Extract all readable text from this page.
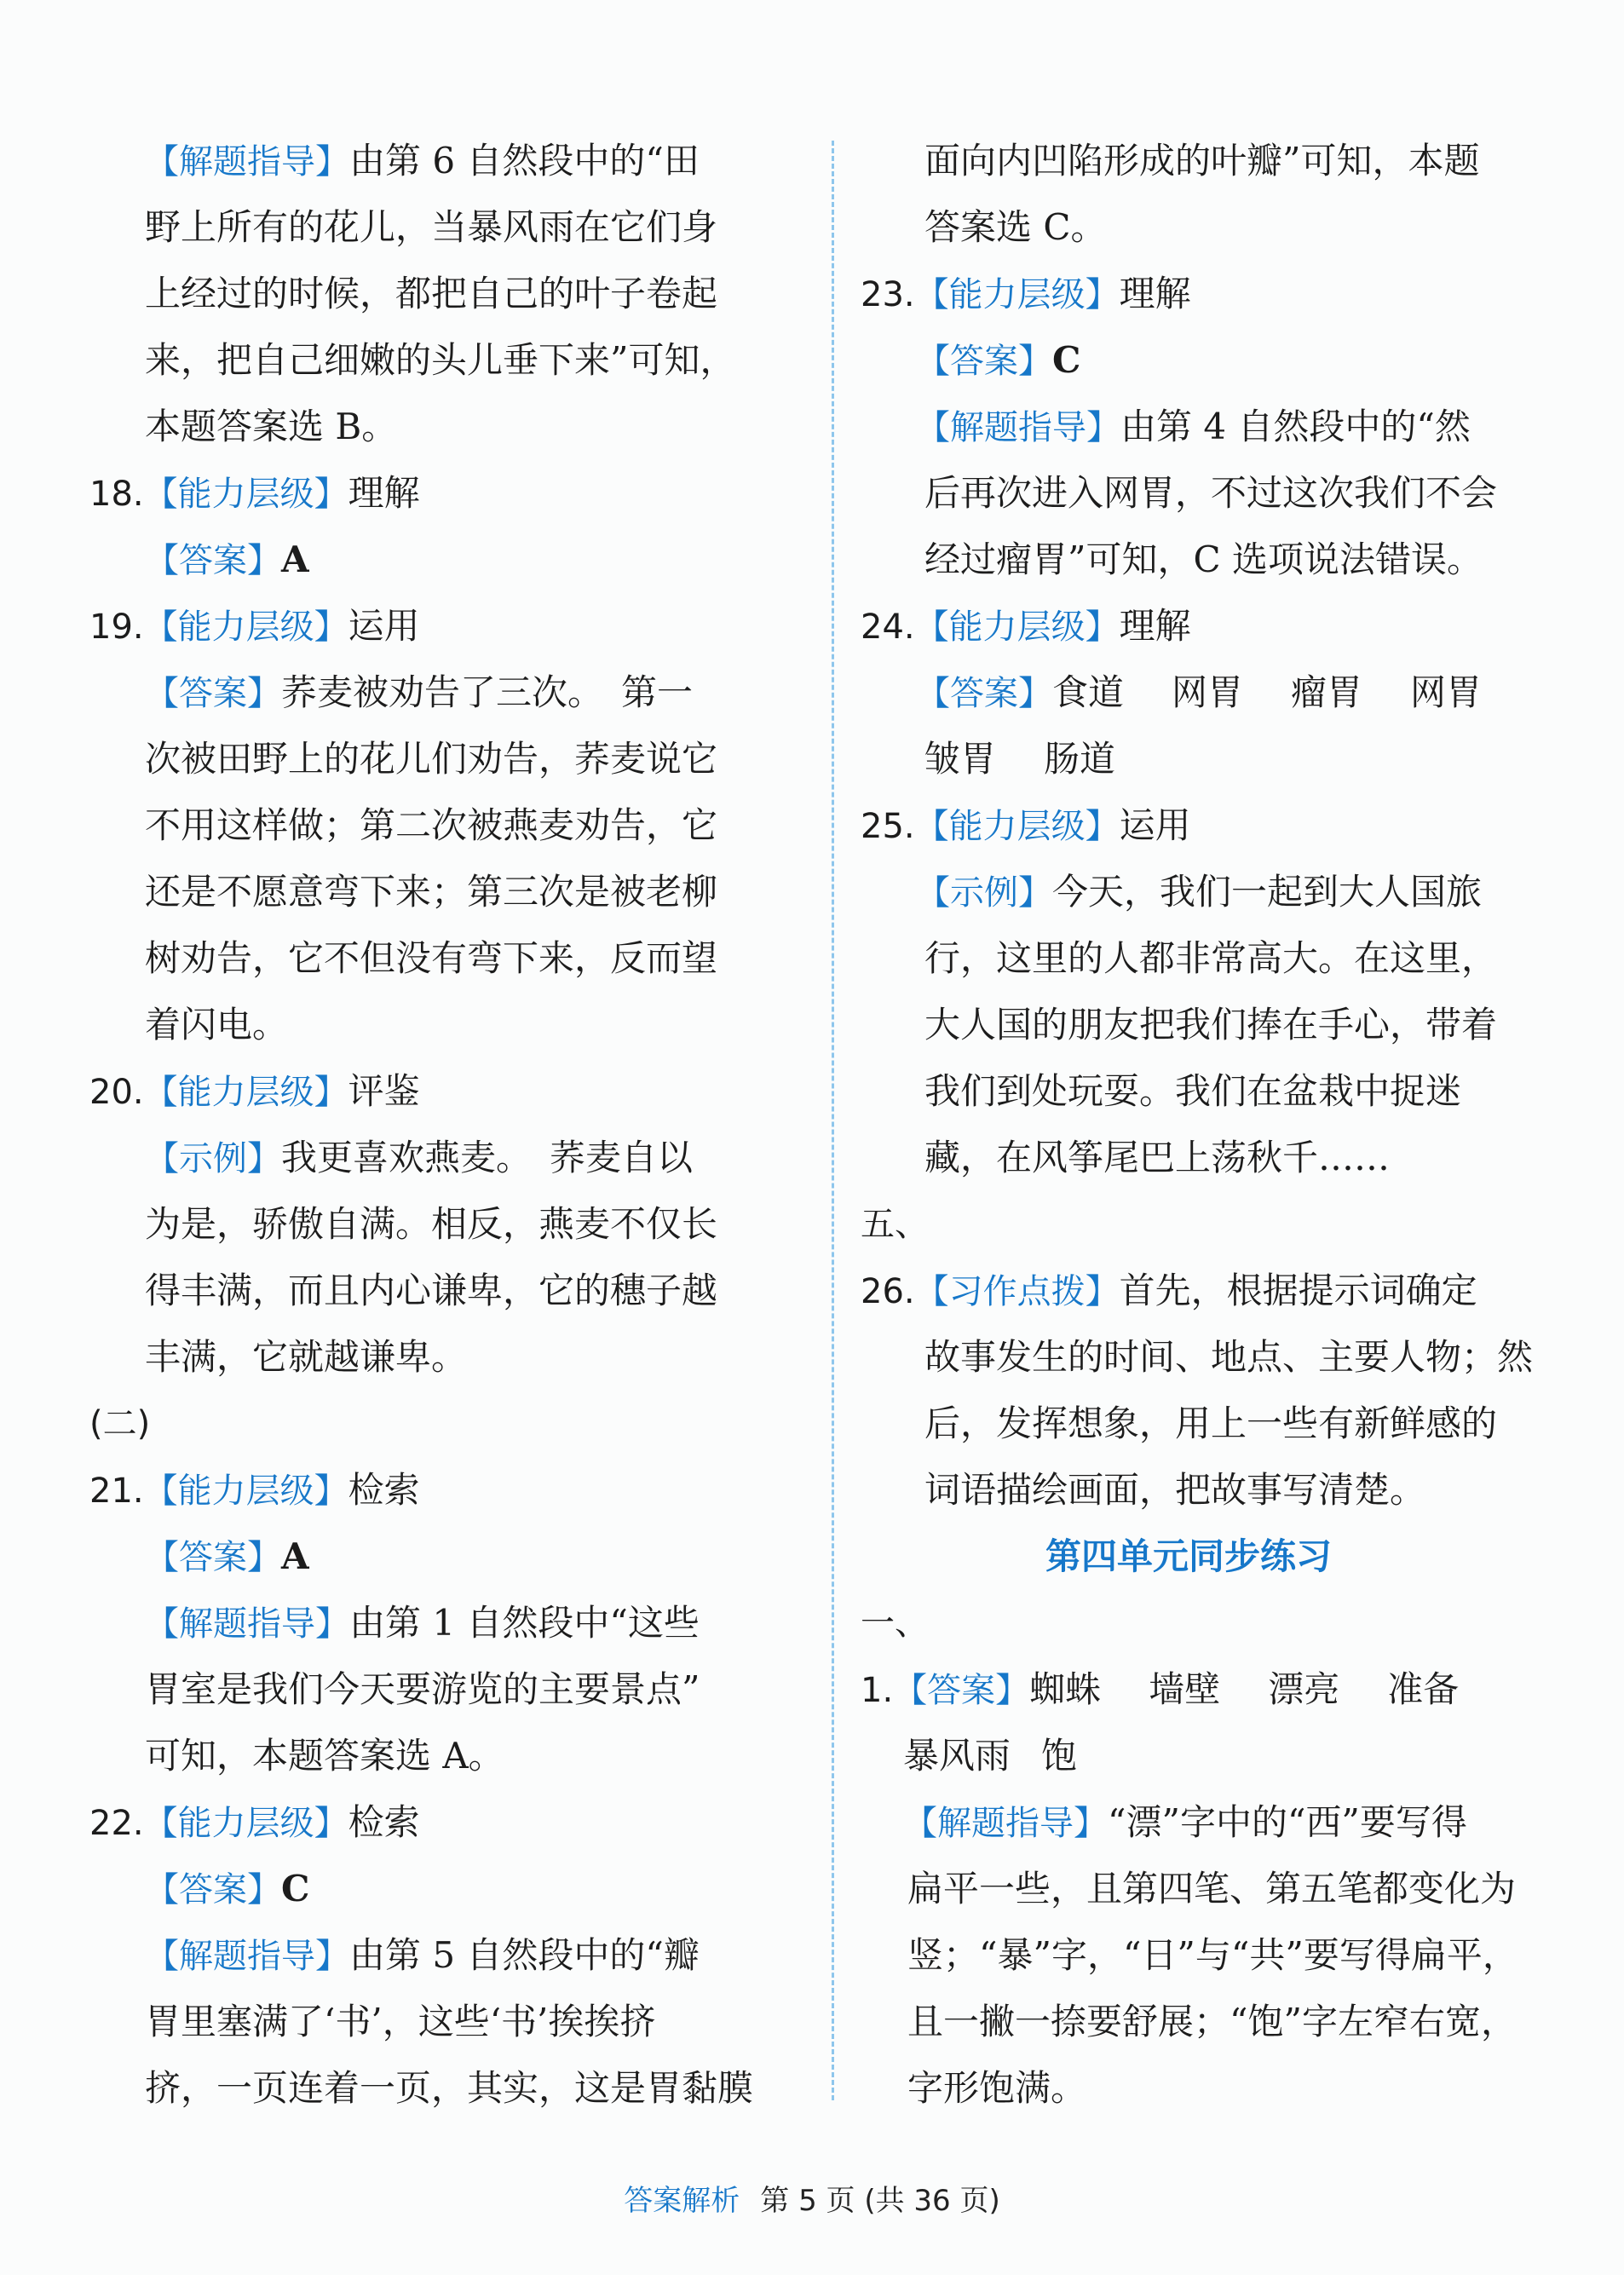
【解题指导】由第 6 自然段中的“田
野上所有的花儿，当暴风雨在它们身
上经过的时候，都把自己的叶子卷起
来，把自己细嫩的头儿垂下来”可知，
本题答案选 B。
18.【能力层级】理解
【答案】A
19.【能力层级】运用
【答案】荞麦被劝告了三次。　第一
次被田野上的花儿们劝告，荞麦说它
不用这样做；第二次被燕麦劝告，它
还是不愿意弯下来；第三次是被老柳
树劝告，它不但没有弯下来，反而望
着闪电。
20.【能力层级】评鉴
【示例】我更喜欢燕麦。　荞麦自以
为是，骄傲自满。相反，燕麦不仅长
得丰满，而且内心谦卑，它的穗子越
丰满，它就越谦卑。
(二)
21.【能力层级】检索
【答案】A
【解题指导】由第 1 自然段中“这些
胃室是我们今天要游览的主要景点”
可知，本题答案选 A。
22.【能力层级】检索
【答案】C
【解题指导】由第 5 自然段中的“瓣
胃里塞满了‘书’，这些‘书’挨挨挤
挤，一页连着一页，其实，这是胃黏膜
面向内凹陷形成的叶瓣”可知，本题
答案选 C。
23.【能力层级】理解
【答案】C
【解题指导】由第 4 自然段中的“然
后再次进入网胃，不过这次我们不会
经过瘤胃”可知，C 选项说法错误。
24.【能力层级】理解
【答案】食道 网胃 瘤胃 网胃
皱胃 肠道
25.【能力层级】运用
【示例】今天，我们一起到大人国旅
行，这里的人都非常高大。在这里，
大人国的朋友把我们捧在手心，带着
我们到处玩耍。我们在盆栽中捉迷
藏，在风筝尾巴上荡秋千……
五、
26.【习作点拨】首先，根据提示词确定
故事发生的时间、地点、主要人物；然
后，发挥想象，用上一些有新鲜感的
词语描绘画面，把故事写清楚。
第四单元同步练习
一、
1.【答案】蜘蛛 墙壁 漂亮 准备
暴风雨 饱
【解题指导】“漂”字中的“西”要写得
扁平一些，且第四笔、第五笔都变化为
竖；“暴”字，“日”与“共”要写得扁平，
且一撇一捺要舒展；“饱”字左窄右宽，
字形饱满。
答案解析 第 5 页 (共 36 页)
